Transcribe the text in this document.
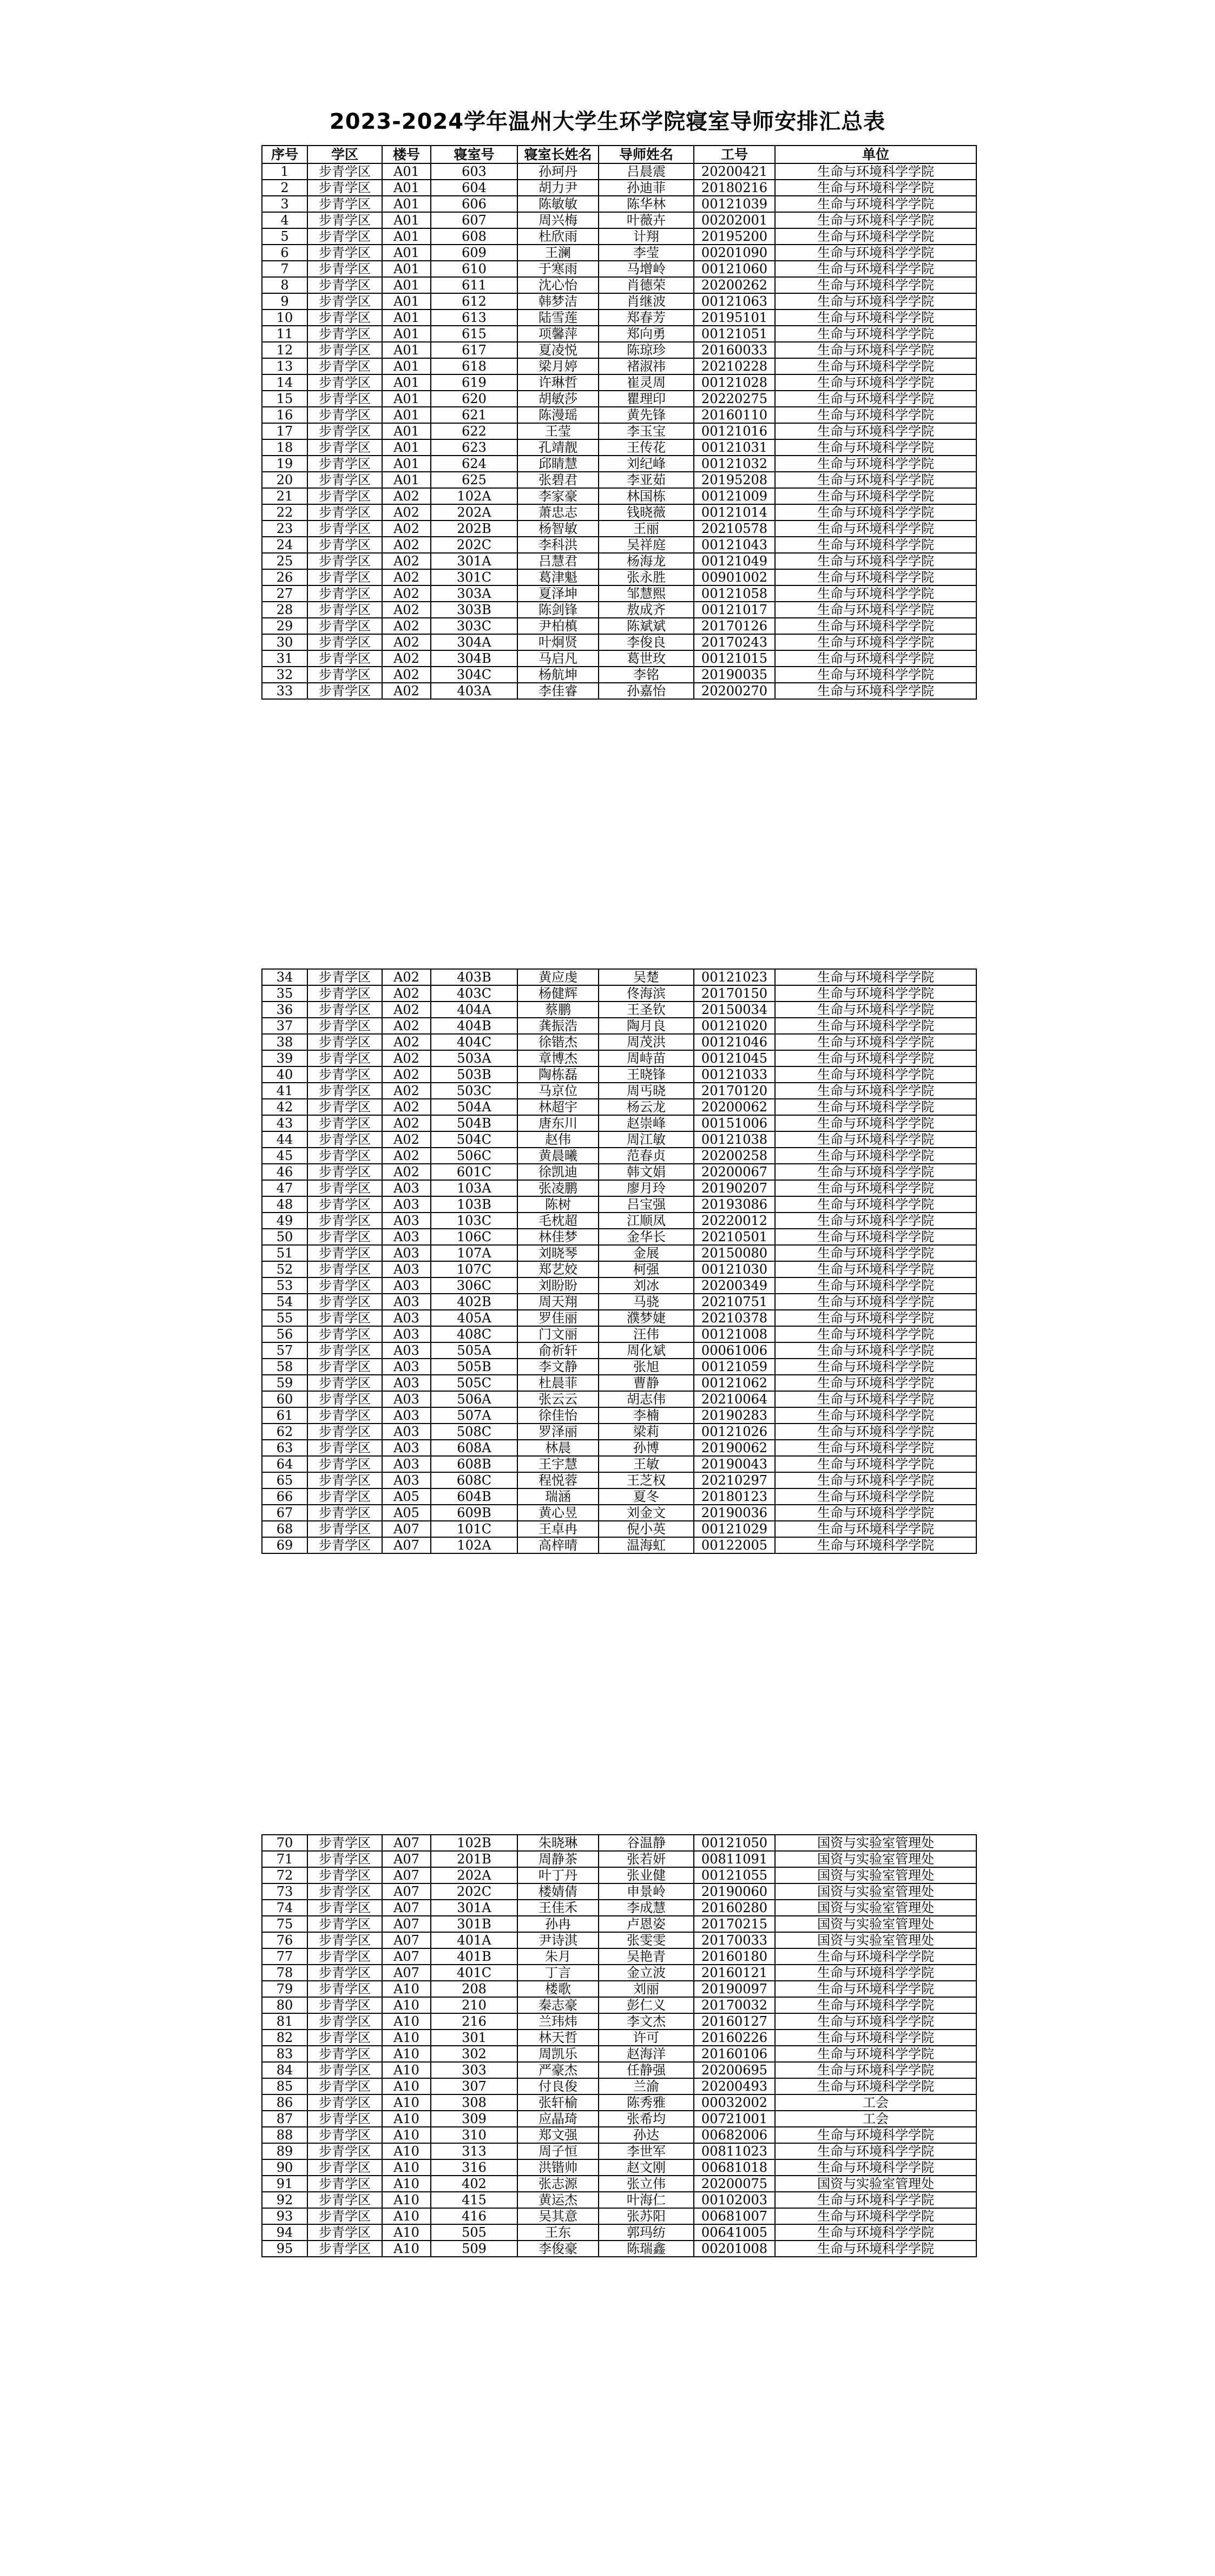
2023-2024学年温州大学生环学院寝室导师安排汇总表
序号	学区	楼号	寝室号	寝室长姓名	导师姓名	工号	单位
1	步青学区	A01	603	孙珂丹	吕晨震	20200421	生命与环境科学学院
2	步青学区	A01	604	胡力尹	孙迪菲	20180216	生命与环境科学学院
3	步青学区	A01	606	陈敏敏	陈华林	00121039	生命与环境科学学院
4	步青学区	A01	607	周兴梅	叶薇卉	00202001	生命与环境科学学院
5	步青学区	A01	608	杜欣雨	计翔	20195200	生命与环境科学学院
6	步青学区	A01	609	王澜	李莹	00201090	生命与环境科学学院
7	步青学区	A01	610	于寒雨	马增岭	00121060	生命与环境科学学院
8	步青学区	A01	611	沈心怡	肖德荣	20200262	生命与环境科学学院
9	步青学区	A01	612	韩梦洁	肖继波	00121063	生命与环境科学学院
10	步青学区	A01	613	陆雪莲	郑春芳	20195101	生命与环境科学学院
11	步青学区	A01	615	项馨萍	郑向勇	00121051	生命与环境科学学院
12	步青学区	A01	617	夏凌悦	陈琼珍	20160033	生命与环境科学学院
13	步青学区	A01	618	梁月婷	褚淑祎	20210228	生命与环境科学学院
14	步青学区	A01	619	许琳哲	崔灵周	00121028	生命与环境科学学院
15	步青学区	A01	620	胡敏莎	瞿理印	20220275	生命与环境科学学院
16	步青学区	A01	621	陈漫瑶	黄先锋	20160110	生命与环境科学学院
17	步青学区	A01	622	王莹	李玉宝	00121016	生命与环境科学学院
18	步青学区	A01	623	孔靖靓	王传花	00121031	生命与环境科学学院
19	步青学区	A01	624	邱睛慧	刘纪峰	00121032	生命与环境科学学院
20	步青学区	A01	625	张碧君	李亚茹	20195208	生命与环境科学学院
21	步青学区	A02	102A	李家豪	林国栋	00121009	生命与环境科学学院
22	步青学区	A02	202A	萧忠志	钱晓薇	00121014	生命与环境科学学院
23	步青学区	A02	202B	杨智敏	王丽	20210578	生命与环境科学学院
24	步青学区	A02	202C	李科洪	吴祥庭	00121043	生命与环境科学学院
25	步青学区	A02	301A	吕慧君	杨海龙	00121049	生命与环境科学学院
26	步青学区	A02	301C	葛津魁	张永胜	00901002	生命与环境科学学院
27	步青学区	A02	303A	夏泽坤	邹慧熙	00121058	生命与环境科学学院
28	步青学区	A02	303B	陈剑锋	敖成齐	00121017	生命与环境科学学院
29	步青学区	A02	303C	尹柏槙	陈斌斌	20170126	生命与环境科学学院
30	步青学区	A02	304A	叶炯贤	李俊良	20170243	生命与环境科学学院
31	步青学区	A02	304B	马启凡	葛世玫	00121015	生命与环境科学学院
32	步青学区	A02	304C	杨航坤	李铭	20190035	生命与环境科学学院
33	步青学区	A02	403A	李佳睿	孙嘉怡	20200270	生命与环境科学学院
34	步青学区	A02	403B	黄应虔	吴楚	00121023	生命与环境科学学院
35	步青学区	A02	403C	杨健辉	佟海滨	20170150	生命与环境科学学院
36	步青学区	A02	404A	蔡鹏	王圣钦	20150034	生命与环境科学学院
37	步青学区	A02	404B	龚振浩	陶月良	00121020	生命与环境科学学院
38	步青学区	A02	404C	徐锴杰	周茂洪	00121046	生命与环境科学学院
39	步青学区	A02	503A	章博杰	周峙苗	00121045	生命与环境科学学院
40	步青学区	A02	503B	陶栋磊	王晓锋	00121033	生命与环境科学学院
41	步青学区	A02	503C	马京位	周丐晓	20170120	生命与环境科学学院
42	步青学区	A02	504A	林超宇	杨云龙	20200062	生命与环境科学学院
43	步青学区	A02	504B	唐东川	赵崇峰	00151006	生命与环境科学学院
44	步青学区	A02	504C	赵伟	周江敏	00121038	生命与环境科学学院
45	步青学区	A02	506C	黄晨曦	范春贞	20200258	生命与环境科学学院
46	步青学区	A02	601C	徐凯迪	韩文娟	20200067	生命与环境科学学院
47	步青学区	A03	103A	张凌鹏	廖月玲	20190207	生命与环境科学学院
48	步青学区	A03	103B	陈树	吕宝强	20193086	生命与环境科学学院
49	步青学区	A03	103C	毛枕超	江顺凤	20220012	生命与环境科学学院
50	步青学区	A03	106C	林佳梦	金华长	20210501	生命与环境科学学院
51	步青学区	A03	107A	刘晓琴	金展	20150080	生命与环境科学学院
52	步青学区	A03	107C	郑艺姣	柯强	00121030	生命与环境科学学院
53	步青学区	A03	306C	刘盼盼	刘冰	20200349	生命与环境科学学院
54	步青学区	A03	402B	周天翔	马骁	20210751	生命与环境科学学院
55	步青学区	A03	405A	罗佳丽	濮梦婕	20210378	生命与环境科学学院
56	步青学区	A03	408C	门文丽	汪伟	00121008	生命与环境科学学院
57	步青学区	A03	505A	俞祈轩	周化斌	00061006	生命与环境科学学院
58	步青学区	A03	505B	李文静	张旭	00121059	生命与环境科学学院
59	步青学区	A03	505C	杜晨菲	曹静	00121062	生命与环境科学学院
60	步青学区	A03	506A	张云云	胡志伟	20210064	生命与环境科学学院
61	步青学区	A03	507A	徐佳怡	李楠	20190283	生命与环境科学学院
62	步青学区	A03	508C	罗泽丽	梁莉	00121026	生命与环境科学学院
63	步青学区	A03	608A	林晨	孙博	20190062	生命与环境科学学院
64	步青学区	A03	608B	王宇慧	王敏	20190043	生命与环境科学学院
65	步青学区	A03	608C	程悦蓉	王芝权	20210297	生命与环境科学学院
66	步青学区	A05	604B	瑞涵	夏冬	20180123	生命与环境科学学院
67	步青学区	A05	609B	黄心昱	刘金文	20190036	生命与环境科学学院
68	步青学区	A07	101C	王卓冉	倪小英	00121029	生命与环境科学学院
69	步青学区	A07	102A	高梓晴	温海虹	00122005	生命与环境科学学院
70	步青学区	A07	102B	朱晓琳	谷温静	00121050	国资与实验室管理处
71	步青学区	A07	201B	周静茶	张若妍	00811091	国资与实验室管理处
72	步青学区	A07	202A	叶丁丹	张业健	00121055	国资与实验室管理处
73	步青学区	A07	202C	楼婧倩	申景岭	20190060	国资与实验室管理处
74	步青学区	A07	301A	王佳禾	李成慧	20160280	国资与实验室管理处
75	步青学区	A07	301B	孙冉	卢恩姿	20170215	国资与实验室管理处
76	步青学区	A07	401A	尹诗淇	张雯雯	20170033	国资与实验室管理处
77	步青学区	A07	401B	朱月	吴艳青	20160180	生命与环境科学学院
78	步青学区	A07	401C	丁言	金立波	20160121	生命与环境科学学院
79	步青学区	A10	208	楼歌	刘丽	20190097	生命与环境科学学院
80	步青学区	A10	210	秦志豪	彭仁义	20170032	生命与环境科学学院
81	步青学区	A10	216	兰玮炜	李文杰	20160127	生命与环境科学学院
82	步青学区	A10	301	林天哲	许可	20160226	生命与环境科学学院
83	步青学区	A10	302	周凯乐	赵海洋	20160106	生命与环境科学学院
84	步青学区	A10	303	严豪杰	任静强	20200695	生命与环境科学学院
85	步青学区	A10	307	付良俊	兰渝	20200493	生命与环境科学学院
86	步青学区	A10	308	张轩榆	陈秀雅	00032002	工会
87	步青学区	A10	309	应晶琦	张希均	00721001	工会
88	步青学区	A10	310	郑文强	孙达	00682006	生命与环境科学学院
89	步青学区	A10	313	周子恒	李世军	00811023	生命与环境科学学院
90	步青学区	A10	316	洪锴帅	赵文刚	00681018	生命与环境科学学院
91	步青学区	A10	402	张志源	张立伟	20200075	国资与实验室管理处
92	步青学区	A10	415	黄运杰	叶海仁	00102003	生命与环境科学学院
93	步青学区	A10	416	吴其意	张苏阳	00681007	生命与环境科学学院
94	步青学区	A10	505	王东	郭玛纺	00641005	生命与环境科学学院
95	步青学区	A10	509	李俊豪	陈瑞鑫	00201008	生命与环境科学学院
